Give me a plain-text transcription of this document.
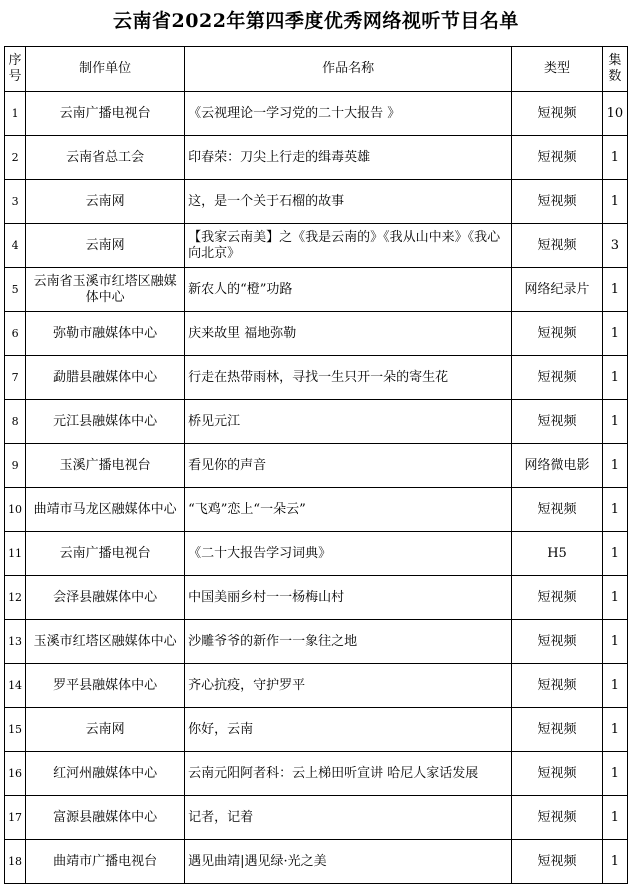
云南省2022年第四季度优秀网络视听节目名单
序号	制作单位	作品名称	类型	集数
1	云南广播电视台	《云视理论一学习党的二十大报告 》	短视频	10
2	云南省总工会	印春荣：刀尖上行走的缉毒英雄	短视频	1
3	云南网	这，是一个关于石榴的故事	短视频	1
4	云南网	【我家云南美】之《我是云南的》《我从山中来》《我心向北京》	短视频	3
5	云南省玉溪市红塔区融媒体中心	新农人的“橙”功路	网络纪录片	1
6	弥勒市融媒体中心	庆来故里 福地弥勒	短视频	1
7	勐腊县融媒体中心	行走在热带雨林，寻找一生只开一朵的寄生花	短视频	1
8	元江县融媒体中心	桥见元江	短视频	1
9	玉溪广播电视台	看见你的声音	网络微电影	1
10	曲靖市马龙区融媒体中心	“飞鸡”恋上“一朵云”	短视频	1
11	云南广播电视台	《二十大报告学习词典》	H5	1
12	会泽县融媒体中心	中国美丽乡村一一杨梅山村	短视频	1
13	玉溪市红塔区融媒体中心	沙雕爷爷的新作一一象往之地	短视频	1
14	罗平县融媒体中心	齐心抗疫，守护罗平	短视频	1
15	云南网	你好，云南	短视频	1
16	红河州融媒体中心	云南元阳阿者科：云上梯田听宣讲 哈尼人家话发展	短视频	1
17	富源县融媒体中心	记者，记着	短视频	1
18	曲靖市广播电视台	遇见曲靖|遇见绿·光之美	短视频	1
